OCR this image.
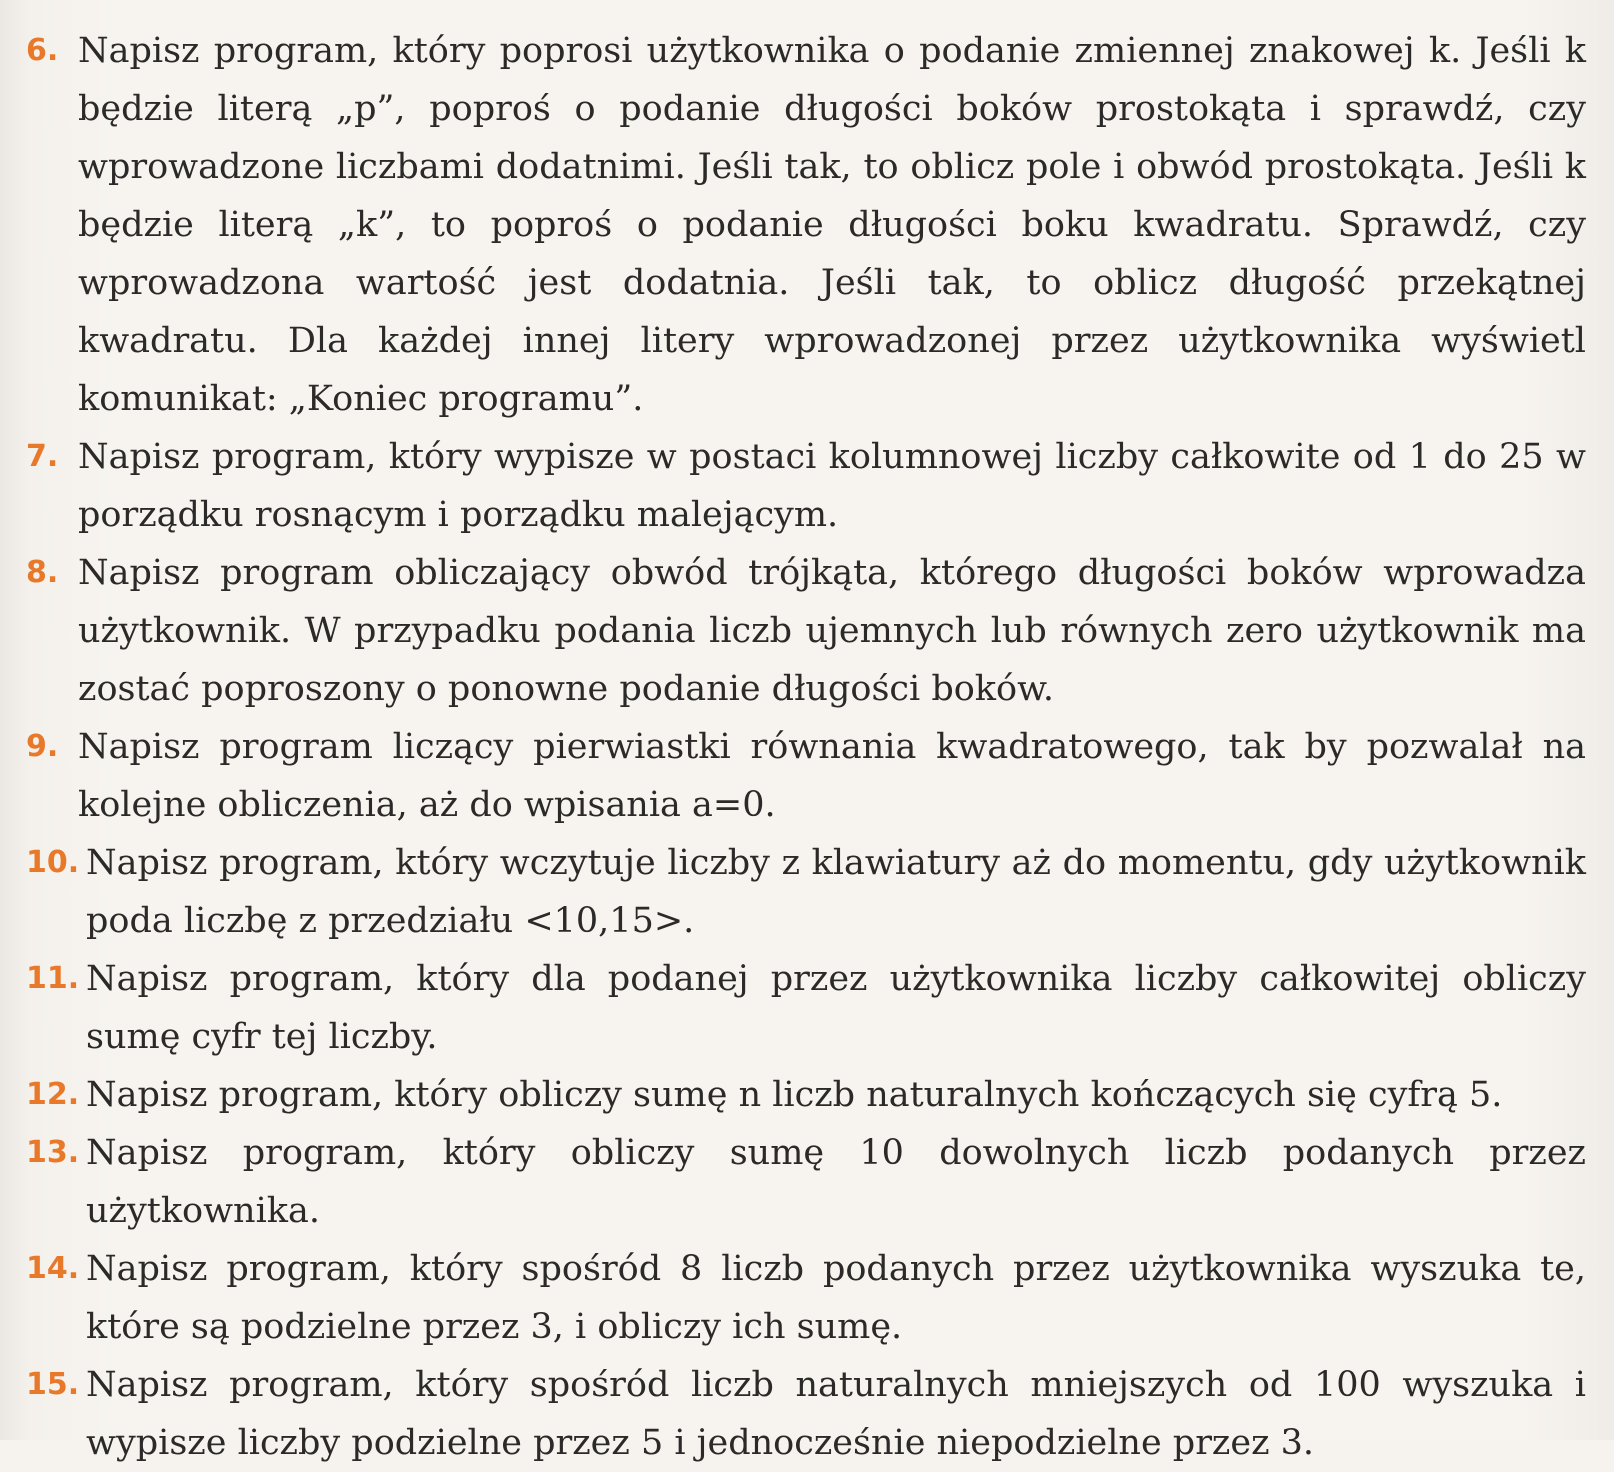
6. Napisz program, który poprosi użytkownika o podanie zmiennej znakowej k. Jeśli k będzie literą „p”, poproś o podanie długości boków prostokąta i sprawdź, czy wprowadzone liczbami dodatnimi. Jeśli tak, to oblicz pole i obwód prostokąta. Jeśli k będzie literą „k”, to poproś o podanie długości boku kwadratu. Sprawdź, czy wprowadzona wartość jest dodatnia. Jeśli tak, to oblicz długość przekątnej kwadratu. Dla każdej innej litery wprowadzonej przez użytkownika wyświetl komunikat: „Koniec programu”.
7. Napisz program, który wypisze w postaci kolumnowej liczby całkowite od 1 do 25 w porządku rosnącym i porządku malejącym.
8. Napisz program obliczający obwód trójkąta, którego długości boków wprowadza użytkownik. W przypadku podania liczb ujemnych lub równych zero użytkownik ma zostać poproszony o ponowne podanie długości boków.
9. Napisz program liczący pierwiastki równania kwadratowego, tak by pozwalał na kolejne obliczenia, aż do wpisania a=0.
10. Napisz program, który wczytuje liczby z klawiatury aż do momentu, gdy użytkownik poda liczbę z przedziału <10,15>.
11. Napisz program, który dla podanej przez użytkownika liczby całkowitej obliczy sumę cyfr tej liczby.
12. Napisz program, który obliczy sumę n liczb naturalnych kończących się cyfrą 5.
13. Napisz program, który obliczy sumę 10 dowolnych liczb podanych przez użytkownika.
14. Napisz program, który spośród 8 liczb podanych przez użytkownika wyszuka te, które są podzielne przez 3, i obliczy ich sumę.
15. Napisz program, który spośród liczb naturalnych mniejszych od 100 wyszuka i wypisze liczby podzielne przez 5 i jednocześnie niepodzielne przez 3.
